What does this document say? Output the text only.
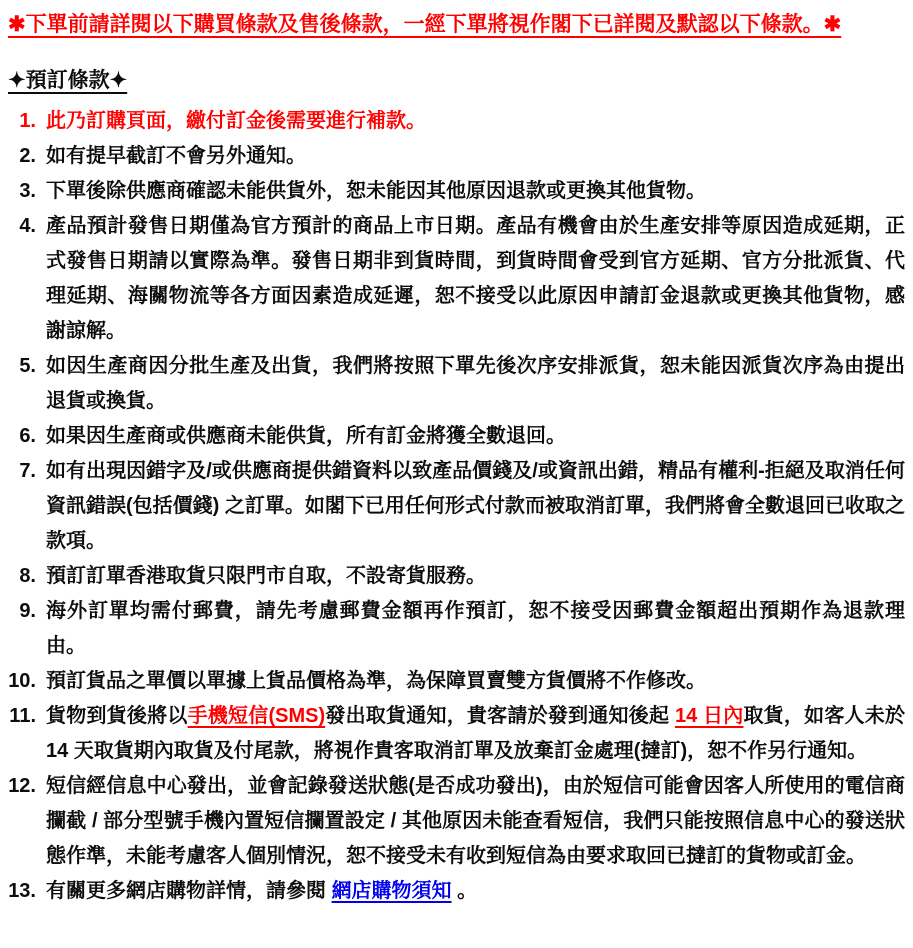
✱下單前請詳閱以下購買條款及售後條款，一經下單將視作閣下已詳閱及默認以下條款。✱

✦預訂條款✦
1. 此乃訂購頁面，繳付訂金後需要進行補款。

2. 如有提早截訂不會另外通知。

3. 下單後除供應商確認未能供貨外，恕未能因其他原因退款或更換其他貨物。

4. 產品預計發售日期僅為官方預計的商品上市日期。產品有機會由於生產安排等原因造成延期，正式發售日期請以實際為準。發售日期非到貨時間，到貨時間會受到官方延期、官方分批派貨、代理延期、海關物流等各方面因素造成延遲，恕不接受以此原因申請訂金退款或更換其他貨物，感謝諒解。

5. 如因生產商因分批生產及出貨，我們將按照下單先後次序安排派貨，恕未能因派貨次序為由提出退貨或換貨。

6. 如果因生產商或供應商未能供貨，所有訂金將獲全數退回。

7. 如有出現因錯字及/或供應商提供錯資料以致產品價錢及/或資訊出錯，精品有權利-拒絕及取消任何資訊錯誤(包括價錢) 之訂單。如閣下已用任何形式付款而被取消訂單，我們將會全數退回已收取之款項。

8. 預訂訂單香港取貨只限門市自取，不設寄貨服務。

9. 海外訂單均需付郵費，請先考慮郵費金額再作預訂，恕不接受因郵費金額超出預期作為退款理由。

10. 預訂貨品之單價以單據上貨品價格為準，為保障買賣雙方貨價將不作修改。

11. 貨物到貨後將以手機短信(SMS)發出取貨通知，貴客請於發到通知後起 14 日內取貨，如客人未於 14 天取貨期內取貨及付尾款，將視作貴客取消訂單及放棄訂金處理(撻訂)，恕不作另行通知。

12. 短信經信息中心發出，並會記錄發送狀態(是否成功發出)，由於短信可能會因客人所使用的電信商攔截 / 部分型號手機內置短信攔置設定 / 其他原因未能查看短信，我們只能按照信息中心的發送狀態作準，未能考慮客人個別情況，恕不接受未有收到短信為由要求取回已撻訂的貨物或訂金。

13. 有關更多網店購物詳情，請參閱 網店購物須知 。
